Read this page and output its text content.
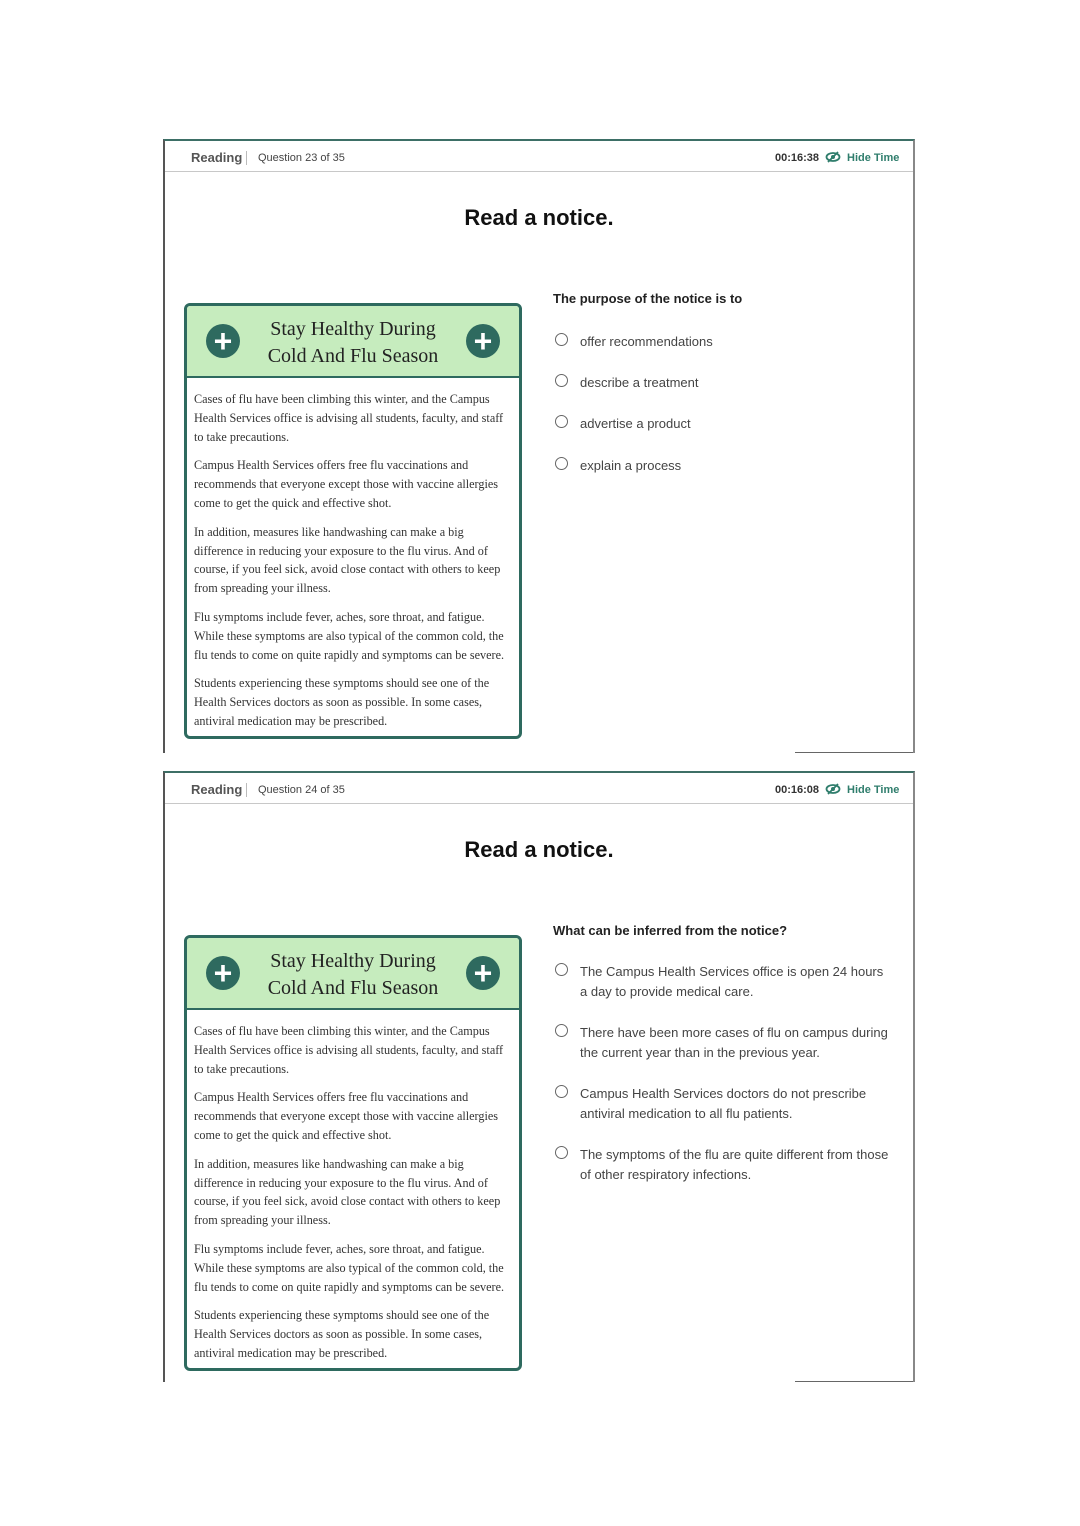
Reading Question 23 of 35	00:16:38	Hide Time
Read a notice.
+	Stay Healthy During
Cold And Flu Season	+

Cases of flu have been climbing this winter, and the Campus Health Services office is advising all students, faculty, and staff to take precautions.

Campus Health Services offers free flu vaccinations and recommends that everyone except those with vaccine allergies come to get the quick and effective shot.

In addition, measures like handwashing can make a big difference in reducing your exposure to the flu virus. And of course, if you feel sick, avoid close contact with others to keep from spreading your illness.

Flu symptoms include fever, aches, sore throat, and fatigue. While these symptoms are also typical of the common cold, the flu tends to come on quite rapidly and symptoms can be severe.

Students experiencing these symptoms should see one of the Health Services doctors as soon as possible. In some cases, antiviral medication may be prescribed.

The purpose of the notice is to
offer recommendations
describe a treatment
advertise a product
explain a process
Reading Question 24 of 35	00:16:08	Hide Time
Read a notice.
+	Stay Healthy During
Cold And Flu Season	+

Cases of flu have been climbing this winter, and the Campus Health Services office is advising all students, faculty, and staff to take precautions.

Campus Health Services offers free flu vaccinations and recommends that everyone except those with vaccine allergies come to get the quick and effective shot.

In addition, measures like handwashing can make a big difference in reducing your exposure to the flu virus. And of course, if you feel sick, avoid close contact with others to keep from spreading your illness.

Flu symptoms include fever, aches, sore throat, and fatigue. While these symptoms are also typical of the common cold, the flu tends to come on quite rapidly and symptoms can be severe.

Students experiencing these symptoms should see one of the Health Services doctors as soon as possible. In some cases, antiviral medication may be prescribed.

What can be inferred from the notice?
The Campus Health Services office is open 24 hours a day to provide medical care.
There have been more cases of flu on campus during the current year than in the previous year.
Campus Health Services doctors do not prescribe antiviral medication to all flu patients.
The symptoms of the flu are quite different from those of other respiratory infections.
